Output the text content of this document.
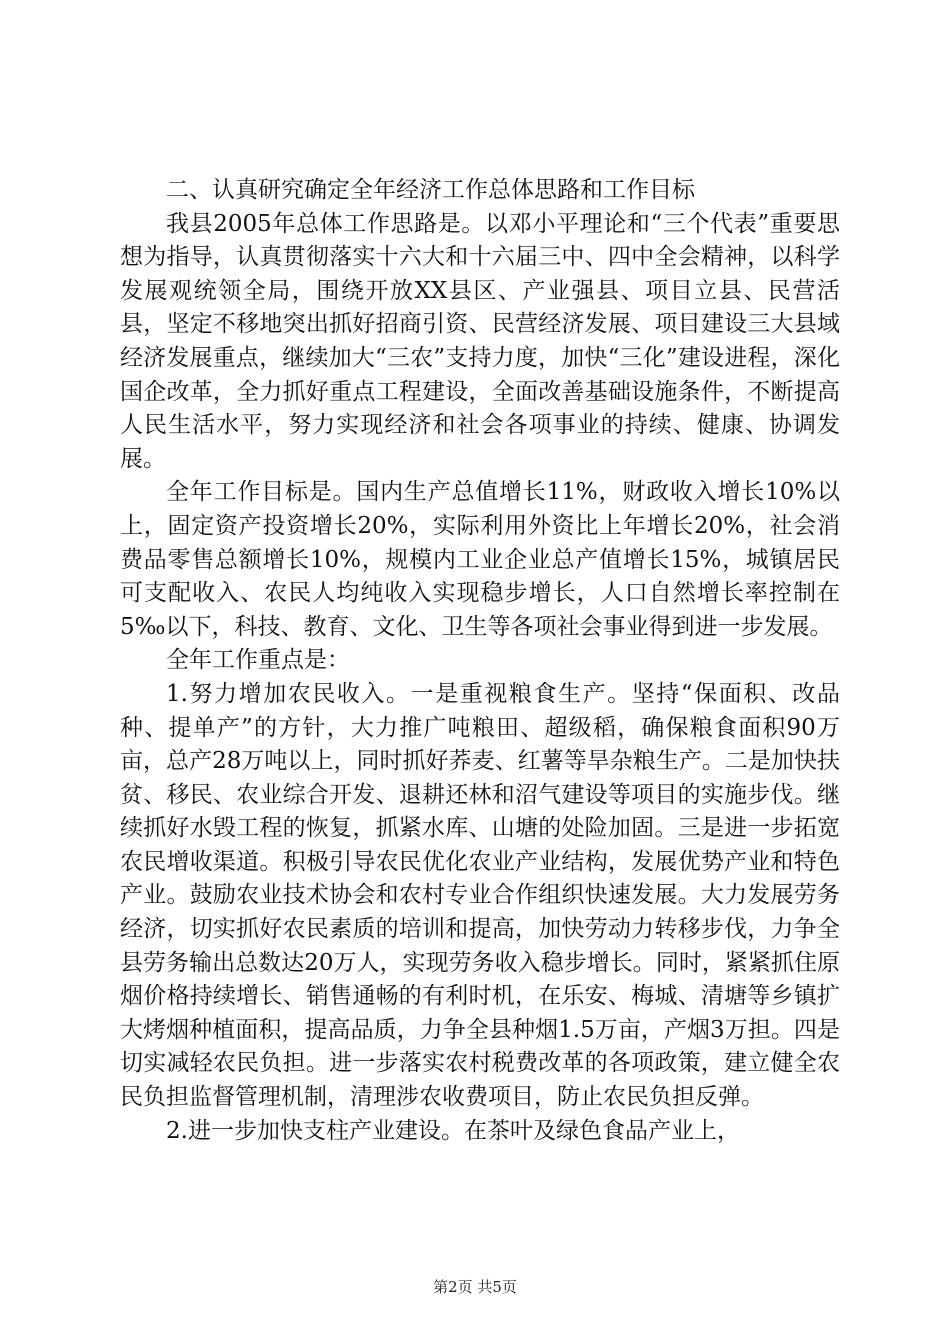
二、认真研究确定全年经济工作总体思路和工作目标

我县2005年总体工作思路是。以邓小平理论和“三个代表”重要思想为指导，认真贯彻落实十六大和十六届三中、四中全会精神，以科学发展观统领全局，围绕开放XX县区、产业强县、项目立县、民营活县，坚定不移地突出抓好招商引资、民营经济发展、项目建设三大县域经济发展重点，继续加大“三农”支持力度，加快“三化”建设进程，深化国企改革，全力抓好重点工程建设，全面改善基础设施条件，不断提高人民生活水平，努力实现经济和社会各项事业的持续、健康、协调发展。

全年工作目标是。国内生产总值增长11%，财政收入增长10%以上，固定资产投资增长20%，实际利用外资比上年增长20%，社会消费品零售总额增长10%，规模内工业企业总产值增长15%，城镇居民可支配收入、农民人均纯收入实现稳步增长，人口自然增长率控制在5‰以下，科技、教育、文化、卫生等各项社会事业得到进一步发展。

全年工作重点是：

1.努力增加农民收入。一是重视粮食生产。坚持“保面积、改品种、提单产”的方针，大力推广吨粮田、超级稻，确保粮食面积90万亩，总产28万吨以上，同时抓好荞麦、红薯等旱杂粮生产。二是加快扶贫、移民、农业综合开发、退耕还林和沼气建设等项目的实施步伐。继续抓好水毁工程的恢复，抓紧水库、山塘的处险加固。三是进一步拓宽农民增收渠道。积极引导农民优化农业产业结构，发展优势产业和特色产业。鼓励农业技术协会和农村专业合作组织快速发展。大力发展劳务经济，切实抓好农民素质的培训和提高，加快劳动力转移步伐，力争全县劳务输出总数达20万人，实现劳务收入稳步增长。同时，紧紧抓住原烟价格持续增长、销售通畅的有利时机，在乐安、梅城、清塘等乡镇扩大烤烟种植面积，提高品质，力争全县种烟1.5万亩，产烟3万担。四是切实减轻农民负担。进一步落实农村税费改革的各项政策，建立健全农民负担监督管理机制，清理涉农收费项目，防止农民负担反弹。

2.进一步加快支柱产业建设。在茶叶及绿色食品产业上，

第2页 共5页
